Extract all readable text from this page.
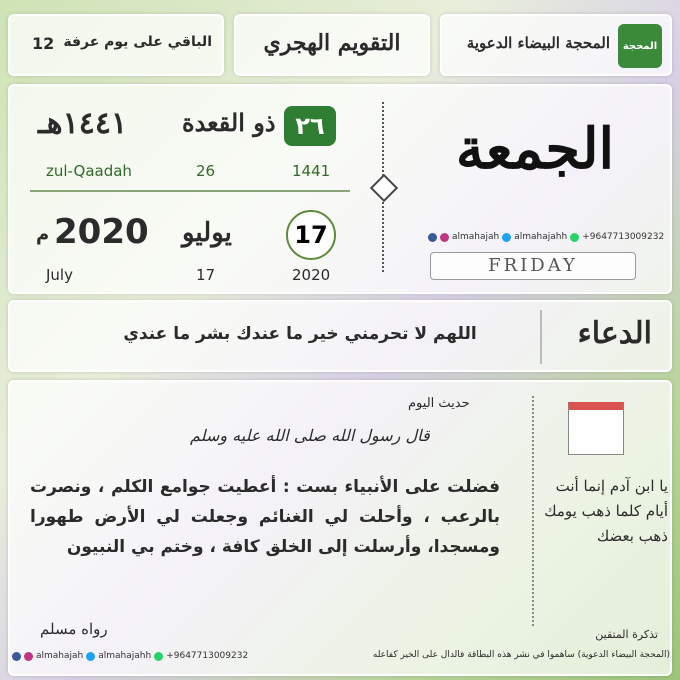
الباقي على يوم عرفة
12	التقويم الهجري	المحجة البيضاء الدعوية المحجة
١٤٤١هـ ذو القعدة ٢٦
zul-Qaadah	26	1441
2020
م	يوليو	17
July	17	2020
الجمعة
almahajah almahajahh +9647713009232
FRIDAY
اللهم لا تحرمني خير ما عندك بشر ما عندي	الدعاء
حديث اليوم
قال رسول الله صلى الله عليه وسلم
فضلت على الأنبياء بست : أعطيت جوامع الكلم ، ونصرت بالرعب ، وأحلت لي الغنائم وجعلت لي الأرض طهورا ومسجدا، وأرسلت إلى الخلق كافة ، وختم بي النبيون
رواه مسلم
يا ابن آدم إنما أنت أيام كلما ذهب يومك ذهب بعضك
تذكرة المتقين
(المحجة البيضاء الدعوية) ساهموا في نشر هذه البطاقة فالدال على الخير كفاعله
almahajah almahajahh +9647713009232
